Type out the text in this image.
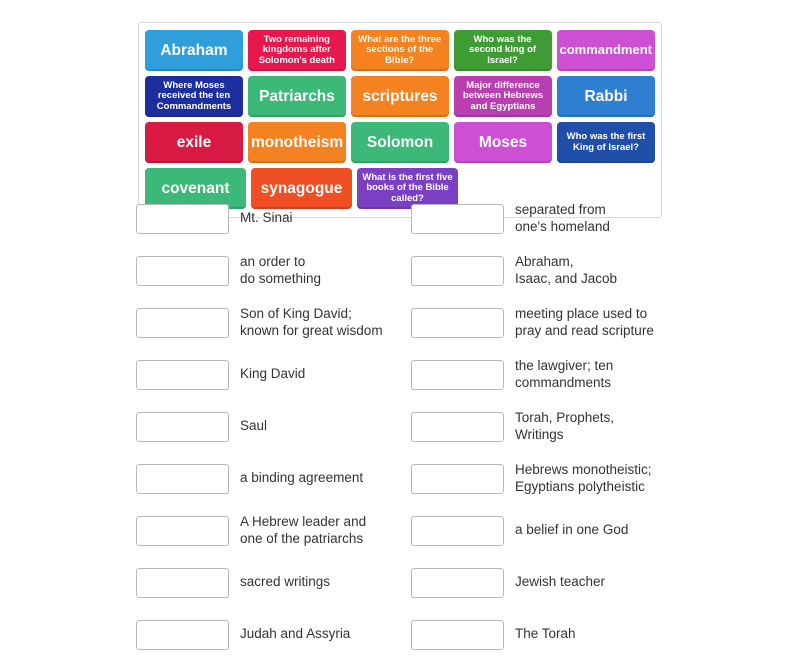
Abraham
Two remaining kingdoms after Solomon's death
What are the three sections of the Bible?
Who was the second king of Israel?
commandment
Where Moses received the ten Commandments
Patriarchs	scriptures
Major difference between Hebrews and Egyptians
Rabbi
exile	monotheism	Solomon	Moses	Who was the first King of Israel?
covenant	synagogue
What is the first five books of the Bible called?
Mt. Sinai
an order to
do something
Son of King David;
known for great wisdom
King David
Saul
a binding agreement
A Hebrew leader and
one of the patriarchs
sacred writings
Judah and Assyria
separated from
one's homeland
Abraham,
Isaac, and Jacob
meeting place used to
pray and read scripture
the lawgiver; ten
commandments
Torah, Prophets,
Writings
Hebrews monotheistic;
Egyptians polytheistic
a belief in one God
Jewish teacher
The Torah
